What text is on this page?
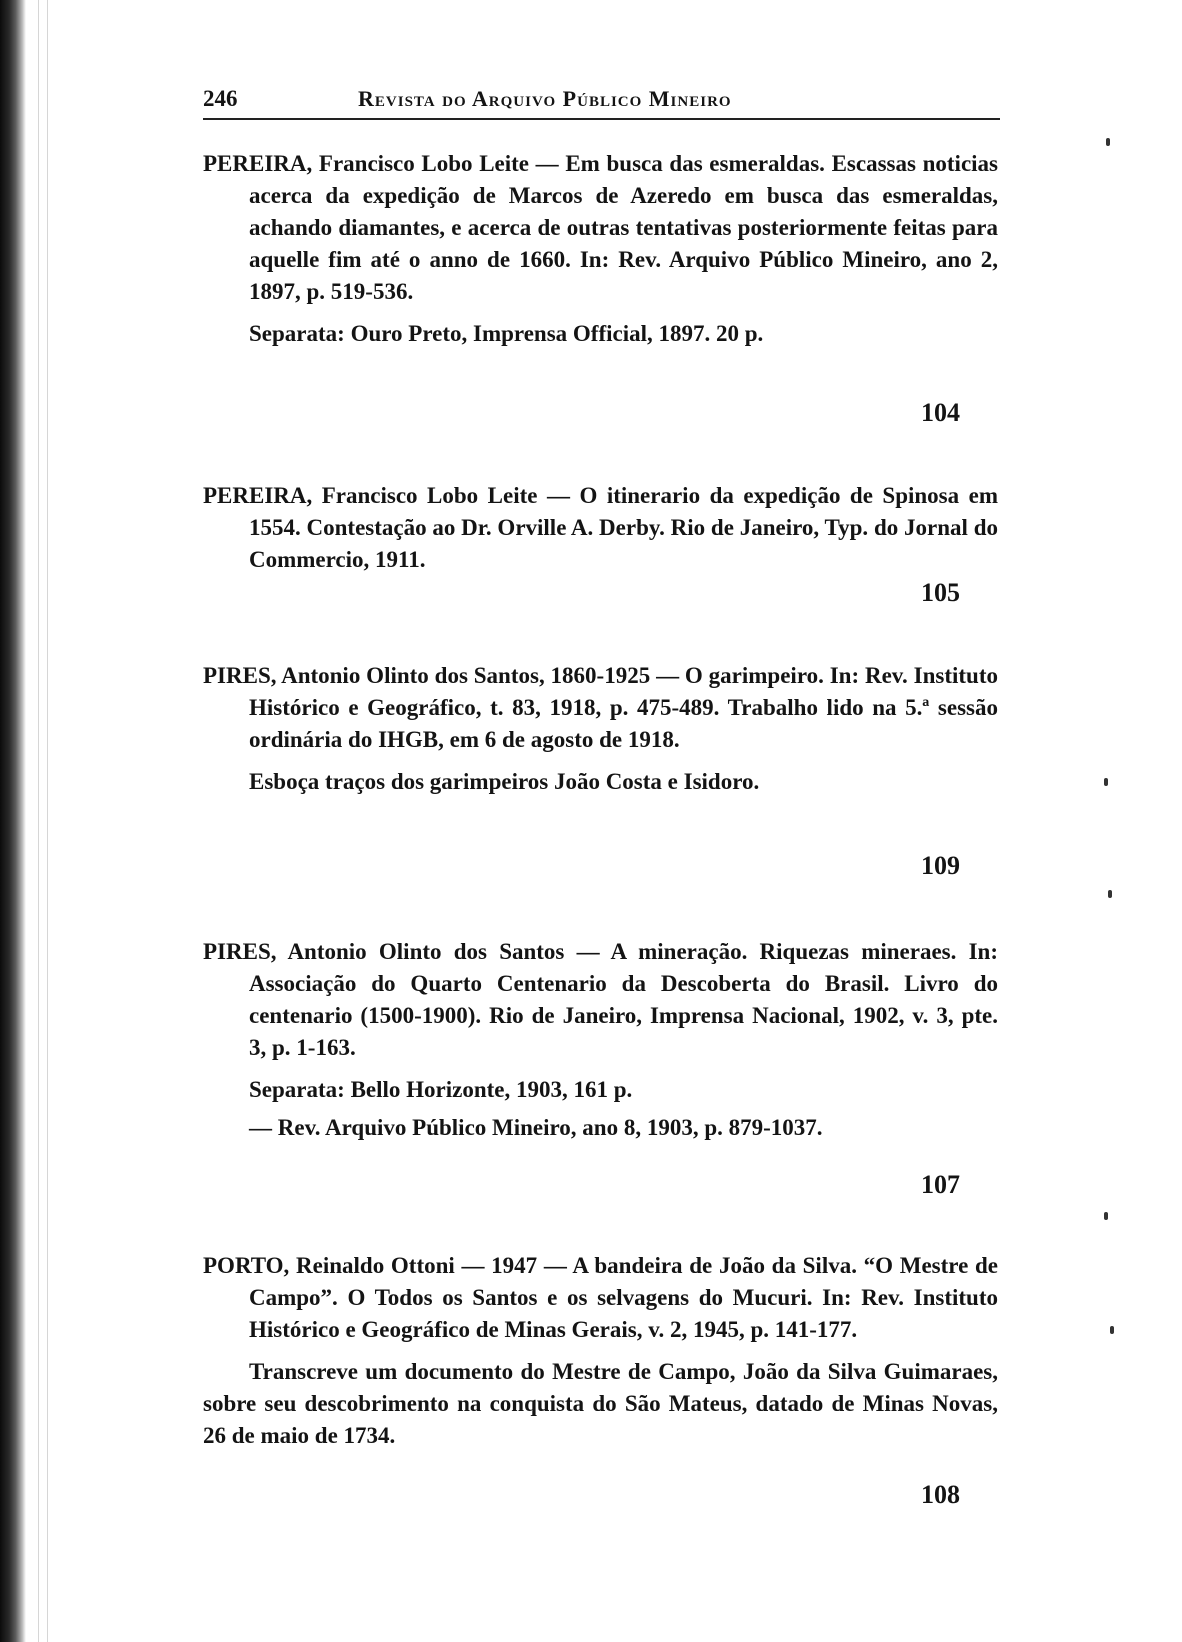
246	Revista do Arquivo Público Mineiro

PEREIRA, Francisco Lobo Leite — Em busca das esmeraldas. Escassas noticias acerca da expedição de Marcos de Azeredo em busca das esmeraldas, achando diamantes, e acerca de outras tentativas posteriormente feitas para aquelle fim até o anno de 1660. In: Rev. Arquivo Público Mineiro, ano 2, 1897, p. 519-536.

Separata: Ouro Preto, Imprensa Official, 1897. 20 p.

104

PEREIRA, Francisco Lobo Leite — O itinerario da expedição de Spinosa em 1554. Contestação ao Dr. Orville A. Derby. Rio de Janeiro, Typ. do Jornal do Commercio, 1911.

105

PIRES, Antonio Olinto dos Santos, 1860-1925 — O garimpeiro. In: Rev. Instituto Histórico e Geográfico, t. 83, 1918, p. 475-489. Trabalho lido na 5.ª sessão ordinária do IHGB, em 6 de agosto de 1918.

Esboça traços dos garimpeiros João Costa e Isidoro.

109

PIRES, Antonio Olinto dos Santos — A mineração. Riquezas mineraes. In: Associação do Quarto Centenario da Descoberta do Brasil. Livro do centenario (1500-1900). Rio de Janeiro, Imprensa Nacional, 1902, v. 3, pte. 3, p. 1-163.

Separata: Bello Horizonte, 1903, 161 p.

— Rev. Arquivo Público Mineiro, ano 8, 1903, p. 879-1037.

107

PORTO, Reinaldo Ottoni — 1947 — A bandeira de João da Silva. “O Mestre de Campo”. O Todos os Santos e os selvagens do Mucuri. In: Rev. Instituto Histórico e Geográfico de Minas Gerais, v. 2, 1945, p. 141-177.

Transcreve um documento do Mestre de Campo, João da Silva Guimaraes, sobre seu descobrimento na conquista do São Mateus, datado de Minas Novas, 26 de maio de 1734.

108
